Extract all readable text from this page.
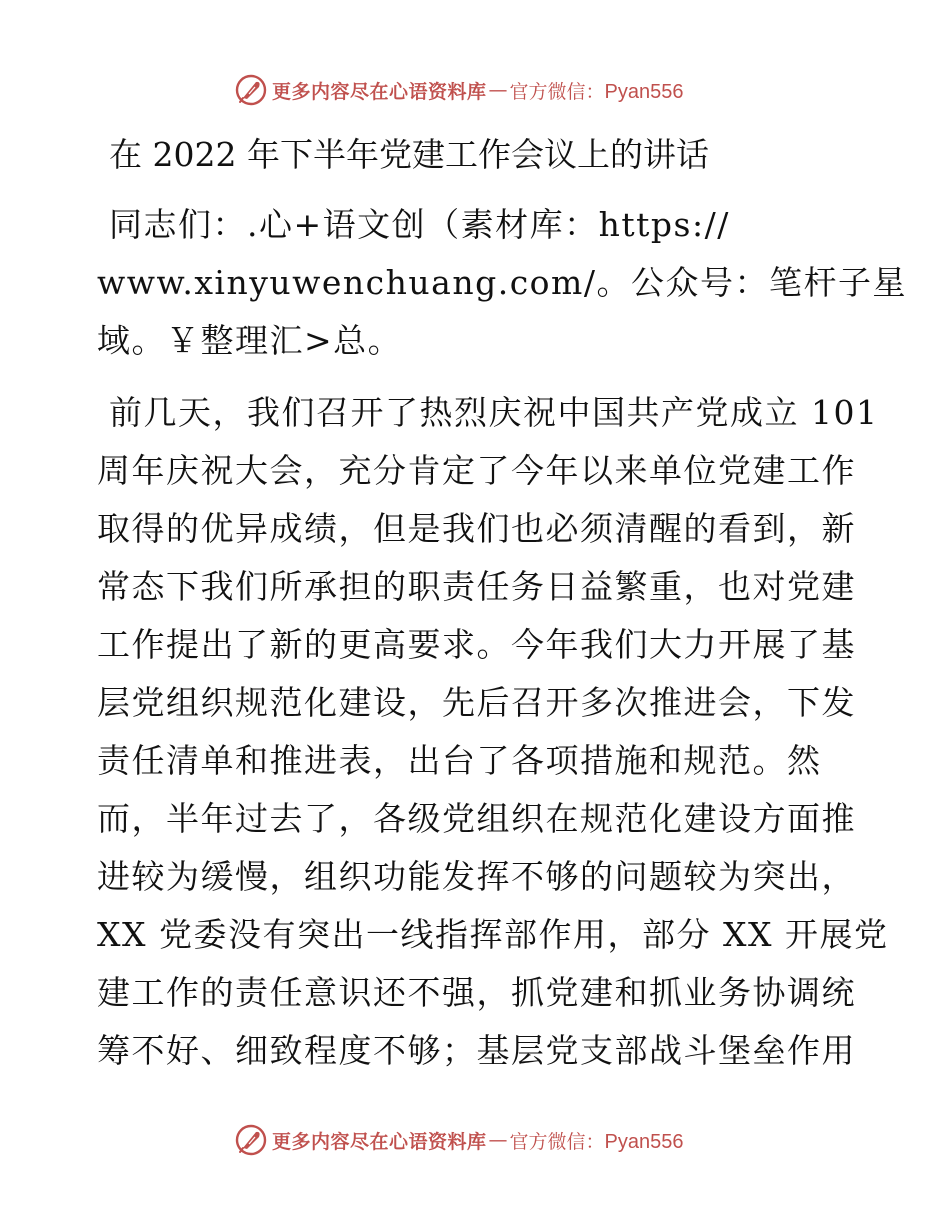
更多内容尽在心语资料库 — 官方微信：Pyan556
在 2022 年下半年党建工作会议上的讲话

同志们：.心+语文创（素材库：https://
www.xinyuwenchuang.com/。公众号：笔杆子星
域。￥整理汇>总。

前几天，我们召开了热烈庆祝中国共产党成立 101
周年庆祝大会，充分肯定了今年以来单位党建工作
取得的优异成绩，但是我们也必须清醒的看到，新
常态下我们所承担的职责任务日益繁重，也对党建
工作提出了新的更高要求。今年我们大力开展了基
层党组织规范化建设，先后召开多次推进会，下发
责任清单和推进表，出台了各项措施和规范。然
而，半年过去了，各级党组织在规范化建设方面推
进较为缓慢，组织功能发挥不够的问题较为突出，
XX 党委没有突出一线指挥部作用，部分 XX 开展党
建工作的责任意识还不强，抓党建和抓业务协调统
筹不好、细致程度不够；基层党支部战斗堡垒作用

更多内容尽在心语资料库 — 官方微信：Pyan556
